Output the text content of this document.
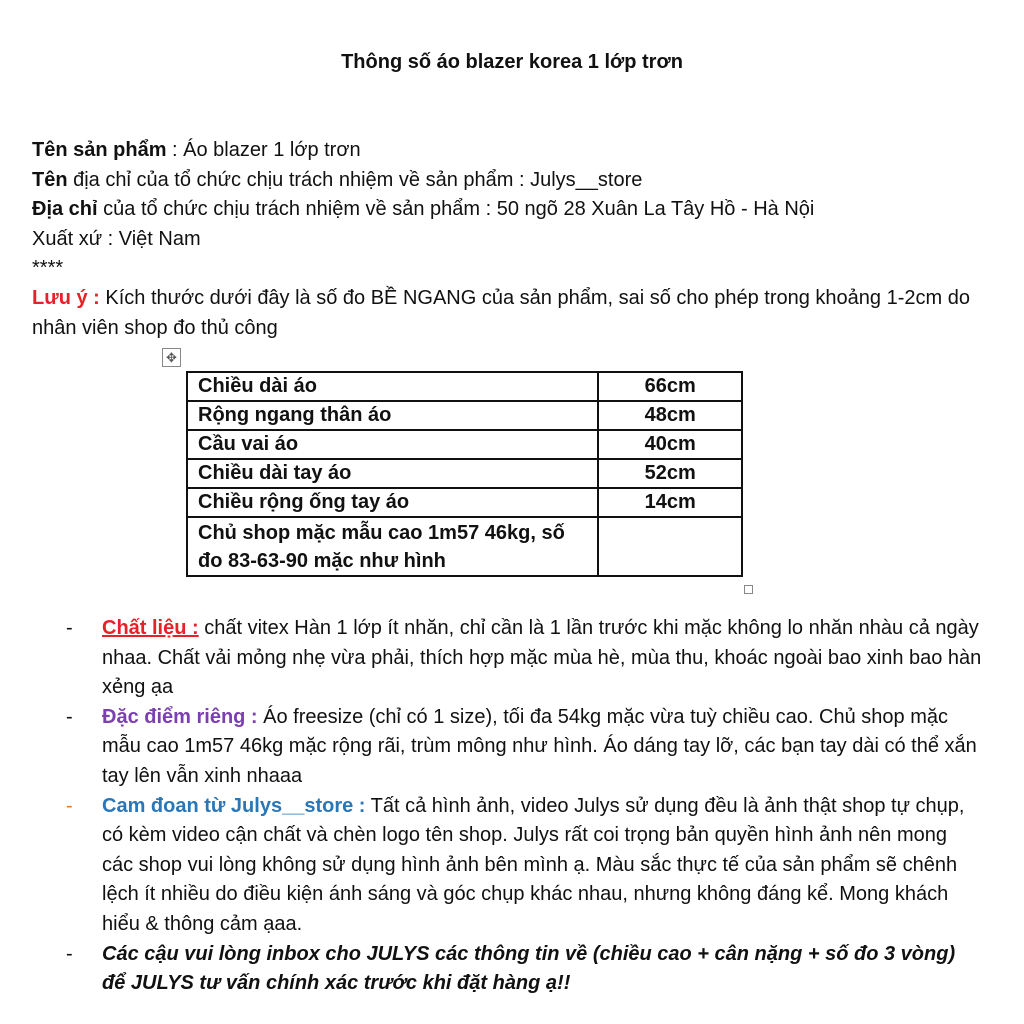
Thông số áo blazer korea 1 lớp trơn
Tên sản phẩm : Áo blazer 1 lớp trơn
Tên địa chỉ của tổ chức chịu trách nhiệm về sản phẩm : Julys__store
Địa chỉ của tổ chức chịu trách nhiệm về sản phẩm : 50 ngõ 28 Xuân La Tây Hồ - Hà Nội
Xuất xứ : Việt Nam
****
Lưu ý : Kích thước dưới đây là số đo BỀ NGANG của sản phẩm, sai số cho phép trong khoảng 1-2cm do nhân viên shop đo thủ công
✥
Chiều dài áo	66cm
Rộng ngang thân áo	48cm
Cầu vai áo	40cm
Chiều dài tay áo	52cm
Chiều rộng ống tay áo	14cm
Chủ shop mặc mẫu cao 1m57 46kg, số đo 83-63-90 mặc như hình	
- Chất liệu : chất vitex Hàn 1 lớp ít nhăn, chỉ cần là 1 lần trước khi mặc không lo nhăn nhàu cả ngày nhaa. Chất vải mỏng nhẹ vừa phải, thích hợp mặc mùa hè, mùa thu, khoác ngoài bao xinh bao hàn xẻng ạa
- Đặc điểm riêng : Áo freesize (chỉ có 1 size), tối đa 54kg mặc vừa tuỳ chiều cao. Chủ shop mặc mẫu cao 1m57 46kg mặc rộng rãi, trùm mông như hình. Áo dáng tay lỡ, các bạn tay dài có thể xắn tay lên vẫn xinh nhaaa
- Cam đoan từ Julys__store : Tất cả hình ảnh, video Julys sử dụng đều là ảnh thật shop tự chụp, có kèm video cận chất và chèn logo tên shop. Julys rất coi trọng bản quyền hình ảnh nên mong các shop vui lòng không sử dụng hình ảnh bên mình ạ. Màu sắc thực tế của sản phẩm sẽ chênh lệch ít nhiều do điều kiện ánh sáng và góc chụp khác nhau, nhưng không đáng kể. Mong khách hiểu & thông cảm ạaa.
- Các cậu vui lòng inbox cho JULYS các thông tin về (chiều cao + cân nặng + số đo 3 vòng) để JULYS tư vấn chính xác trước khi đặt hàng ạ!!
